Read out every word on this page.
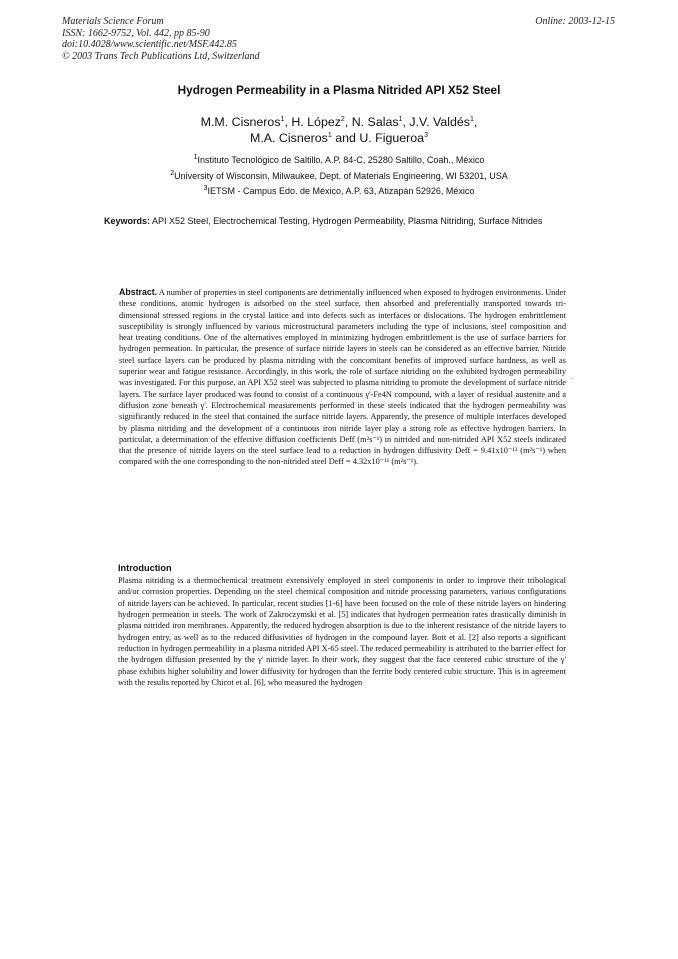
Materials Science Forum
ISSN: 1662-9752, Vol. 442, pp 85-90
doi:10.4028/www.scientific.net/MSF.442.85
© 2003 Trans Tech Publications Ltd, Switzerland
Online: 2003-12-15
Hydrogen Permeability in a Plasma Nitrided API X52 Steel
M.M. Cisneros$^1$, H. López$^2$, N. Salas$^1$, J.V. Valdés$^1$,
M.A. Cisneros$^1$ and U. Figueroa$^3$
$^1$Instituto Tecnológico de Saltillo, A.P. 84-C, 25280 Saltillo, Coah., México
$^2$University of Wisconsin, Milwaukee, Dept. of Materials Engineering, WI 53201, USA
$^3$IETSM - Campus Edo. de México, A.P. 63, Atizapán 52926, México
Keywords: API X52 Steel, Electrochemical Testing, Hydrogen Permeability, Plasma Nitriding, Surface Nitrides
Abstract. A number of properties in steel components are detrimentally influenced when exposed to hydrogen environments. Under these conditions, atomic hydrogen is adsorbed on the steel surface, then absorbed and preferentially transported towards tri-dimensional stressed regions in the crystal lattice and into defects such as interfaces or dislocations. The hydrogen embrittlement susceptibility is strongly influenced by various microstructural parameters including the type of inclusions, steel composition and heat treating conditions. One of the alternatives employed in minimizing hydrogen embrittlement is the use of surface barriers for hydrogen permeation. In particular, the presence of surface nitride layers in steels can be considered as an effective barrier. Nitride steel surface layers can be produced by plasma nitriding with the concomitant benefits of improved surface hardness, as well as superior wear and fatigue resistance. Accordingly, in this work, the role of surface nitriding on the exhibited hydrogen permeability was investigated. For this purpose, an API X52 steel was subjected to plasma nitriding to promote the development of surface nitride layers. The surface layer produced was found to consist of a continuous γ'-Fe4N compound, with a layer of residual austenite and a diffusion zone beneath γ'. Electrochemical measurements performed in these steels indicated that the hydrogen permeability was significantly reduced in the steel that contained the surface nitride layers. Apparently, the presence of multiple interfaces developed by plasma nitriding and the development of a continuous iron nitride layer play a strong role as effective hydrogen barriers. In particular, a determination of the effective diffusion coefficients Deff (m²s⁻¹) in nitrided and non-nitrided API X52 steels indicated that the presence of nitride layers on the steel surface lead to a reduction in hydrogen diffusivity Deff = 9.41x10⁻¹² (m²s⁻¹) when compared with the one corresponding to the non-nitrided steel Deff = 4.32x10⁻¹¹ (m²s⁻¹).
Introduction
Plasma nitriding is a thermochemical treatment extensively employed in steel components in order to improve their tribological and/or corrosion properties. Depending on the steel chemical composition and nitride processing parameters, various configurations of nitride layers can be achieved. In particular, recent studies [1-6] have been focused on the role of these nitride layers on hindering hydrogen permeation in steels. The work of Zakroczymski et al. [5] indicates that hydrogen permeation rates drastically diminish in plasma nitrided iron membranes. Apparently, the reduced hydrogen absorption is due to the inherent resistance of the nitride layers to hydrogen entry, as well as to the reduced diffusivities of hydrogen in the compound layer. Bott et al. [2] also reports a significant reduction in hydrogen permeability in a plasma nitrided API X-65 steel. The reduced permeability is attributed to the barrier effect for the hydrogen diffusion presented by the γ' nitride layer. In their work, they suggest that the face centered cubic structure of the γ' phase exhibits higher solubility and lower diffusivity for hydrogen than the ferrite body centered cubic structure. This is in agreement with the results reported by Chicot et al. [6], who measured the hydrogen
